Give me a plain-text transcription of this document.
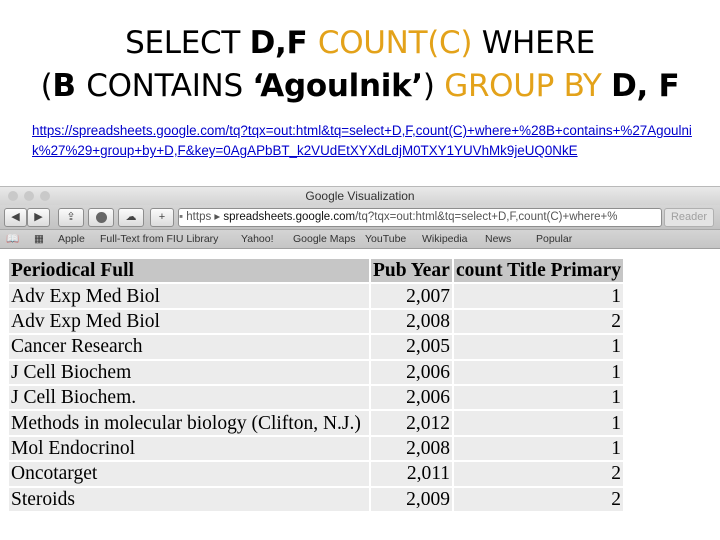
SELECT D,F COUNT(C) WHERE
(B CONTAINS ‘Agoulnik’) GROUP BY D, F
https://spreadsheets.google.com/tq?tqx=out:html&tq=select+D,F,count(C)+where+%28B+contains+%27Agoulnik%27%29+group+by+D,F&key=0AgAPbBT_k2VUdEtXYXdLdjM0TXY1YUVhMk9jeUQ0NkE
Google Visualization
◀	▶	⇪	☁	+	▪ https ▸ spreadsheets.google.com/tq?tqx=out:html&tq=select+D,F,count(C)+where+%	Reader
📖 ▦ Apple Full-Text from FIU Library Yahoo! Google Maps YouTube Wikipedia News Popular
Periodical Full	Pub Year	count Title Primary
Adv Exp Med Biol	2,007	1
Adv Exp Med Biol	2,008	2
Cancer Research	2,005	1
J Cell Biochem	2,006	1
J Cell Biochem.	2,006	1
Methods in molecular biology (Clifton, N.J.)	2,012	1
Mol Endocrinol	2,008	1
Oncotarget	2,011	2
Steroids	2,009	2
